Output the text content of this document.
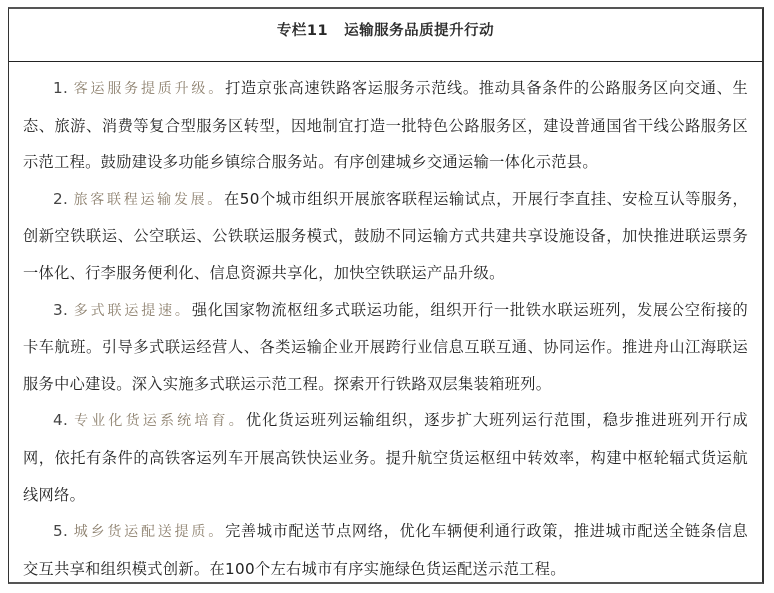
专栏11 运输服务品质提升行动

1. 客运服务提质升级。打造京张高速铁路客运服务示范线。推动具备条件的公路服务区向交通、生态、旅游、消费等复合型服务区转型，因地制宜打造一批特色公路服务区，建设普通国省干线公路服务区示范工程。鼓励建设多功能乡镇综合服务站。有序创建城乡交通运输一体化示范县。

2. 旅客联程运输发展。在50个城市组织开展旅客联程运输试点，开展行李直挂、安检互认等服务，创新空铁联运、公空联运、公铁联运服务模式，鼓励不同运输方式共建共享设施设备，加快推进联运票务一体化、行李服务便利化、信息资源共享化，加快空铁联运产品升级。

3. 多式联运提速。强化国家物流枢纽多式联运功能，组织开行一批铁水联运班列，发展公空衔接的卡车航班。引导多式联运经营人、各类运输企业开展跨行业信息互联互通、协同运作。推进舟山江海联运服务中心建设。深入实施多式联运示范工程。探索开行铁路双层集装箱班列。

4. 专业化货运系统培育。优化货运班列运输组织，逐步扩大班列运行范围，稳步推进班列开行成网，依托有条件的高铁客运列车开展高铁快运业务。提升航空货运枢纽中转效率，构建中枢轮辐式货运航线网络。

5. 城乡货运配送提质。完善城市配送节点网络，优化车辆便利通行政策，推进城市配送全链条信息交互共享和组织模式创新。在100个左右城市有序实施绿色货运配送示范工程。
